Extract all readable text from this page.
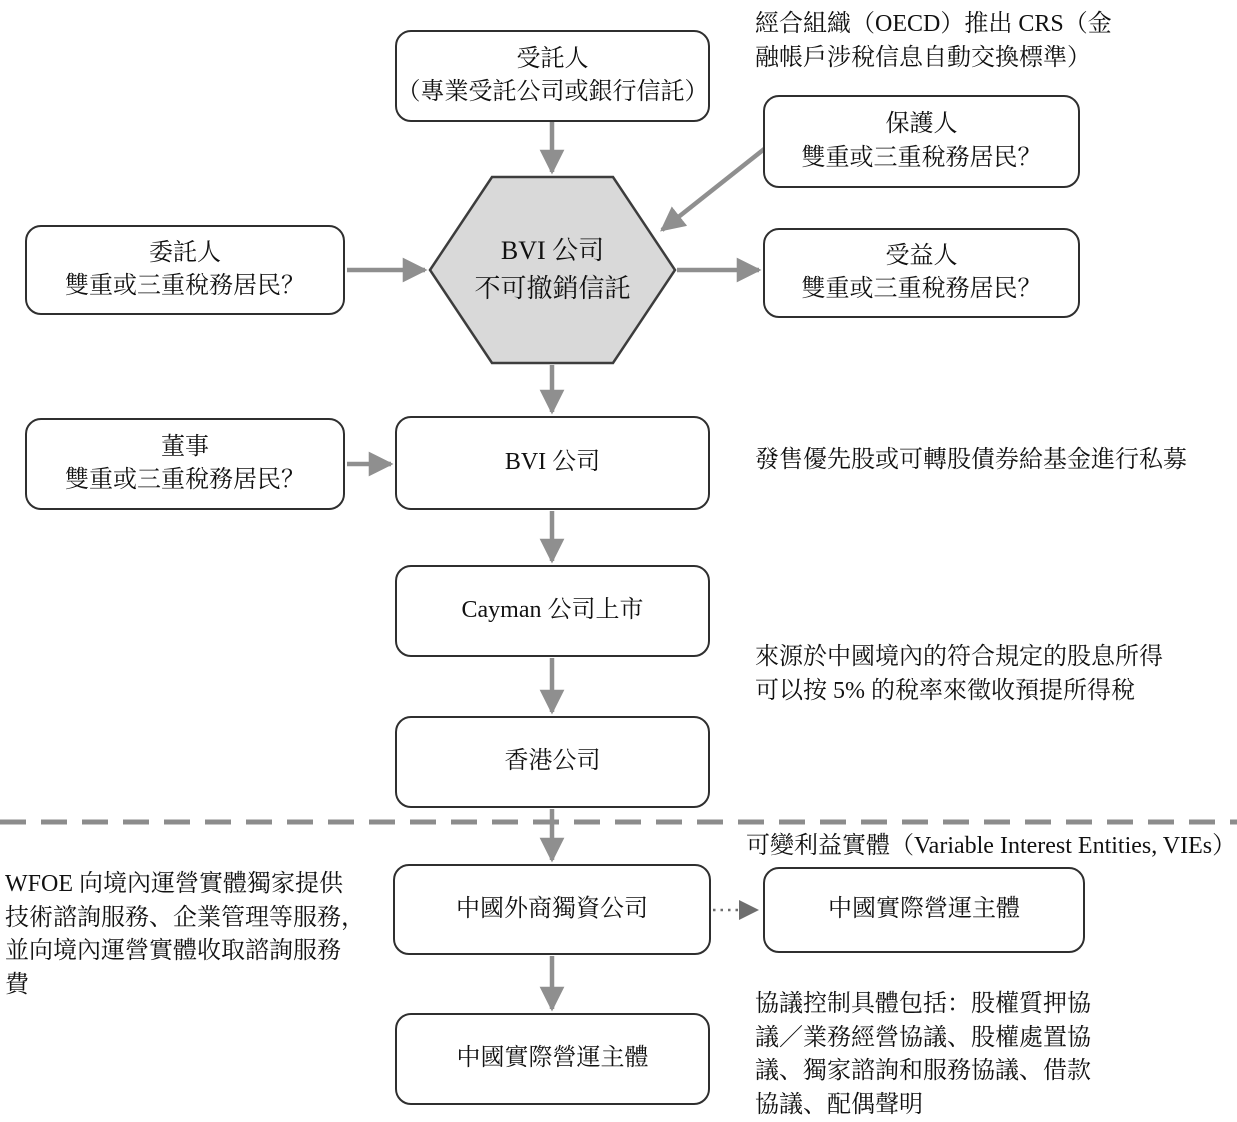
受託人
（專業受託公司或銀行信託）
保護人
雙重或三重稅務居民？
委託人
雙重或三重稅務居民？
受益人
雙重或三重稅務居民？
BVI 公司
不可撤銷信託
董事
雙重或三重稅務居民？
BVI 公司
Cayman 公司上市
香港公司
中國外商獨資公司	中國實際營運主體
中國實際營運主體
經合組織（OECD）推出 CRS（金
融帳戶涉稅信息自動交換標準）
發售優先股或可轉股債券給基金進行私募
來源於中國境內的符合規定的股息所得
可以按 5% 的稅率來徵收預提所得稅
WFOE 向境內運營實體獨家提供
技術諮詢服務、企業管理等服務，
並向境內運營實體收取諮詢服務
費
可變利益實體（Variable Interest Entities, VIEs）
協議控制具體包括：股權質押協
議／業務經營協議、股權處置協
議、獨家諮詢和服務協議、借款
協議、配偶聲明
